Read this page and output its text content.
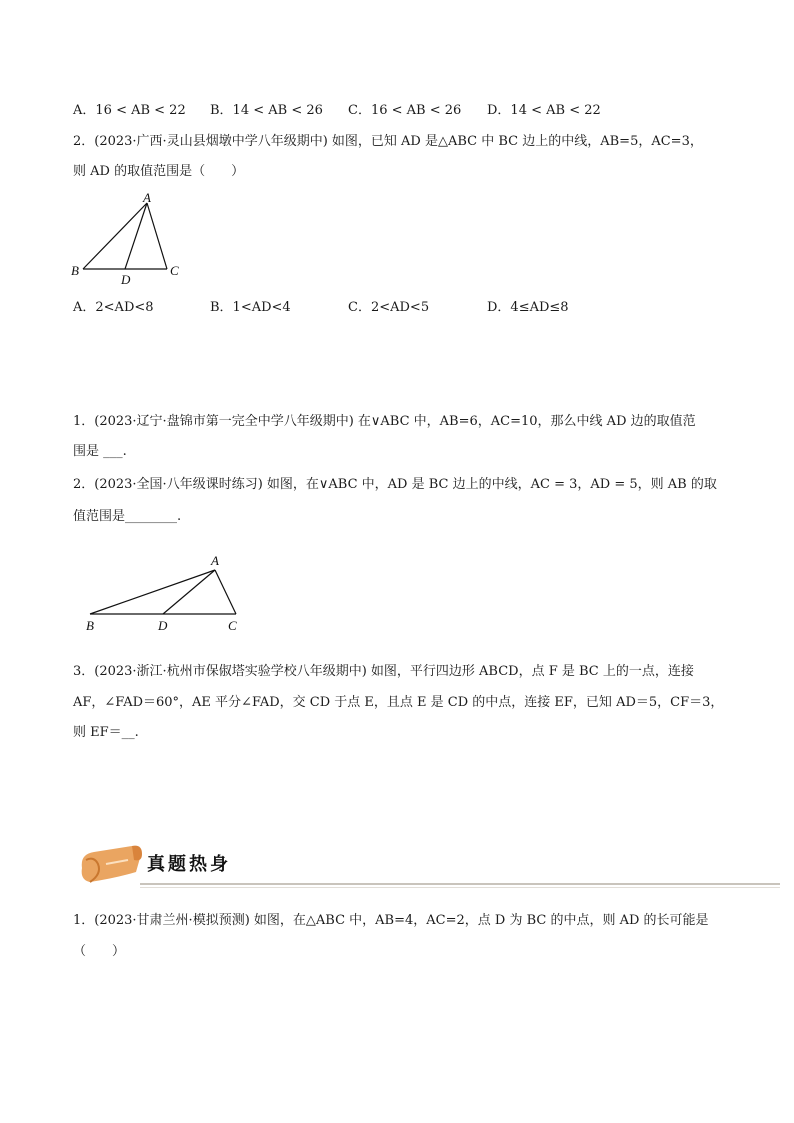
A．16 < AB < 22 B．14 < AB < 26 C．16 < AB < 26 D．14 < AB < 22
2．(2023·广西·灵山县烟墩中学八年级期中) 如图，已知 AD 是△ABC 中 BC 边上的中线，AB=5，AC=3，
则 AD 的取值范围是（　　）
A
B	C
D
A．2<AD<8	B．1<AD<4	C．2<AD<5	D．4≤AD≤8
1．(2023·辽宁·盘锦市第一完全中学八年级期中) 在∨ABC 中，AB=6，AC=10，那么中线 AD 边的取值范
围是 ___.
2．(2023·全国·八年级课时练习) 如图，在∨ABC 中，AD 是 BC 边上的中线，AC = 3，AD = 5，则 AB 的取
值范围是________.
A
B	D	C
3．(2023·浙江·杭州市保俶塔实验学校八年级期中) 如图，平行四边形 ABCD，点 F 是 BC 上的一点，连接
AF，∠FAD＝60°，AE 平分∠FAD，交 CD 于点 E，且点 E 是 CD 的中点，连接 EF，已知 AD＝5，CF＝3，
则 EF＝__.
真题热身
1．(2023·甘肃兰州·模拟预测) 如图，在△ABC 中，AB=4，AC=2，点 D 为 BC 的中点，则 AD 的长可能是
（　　）
